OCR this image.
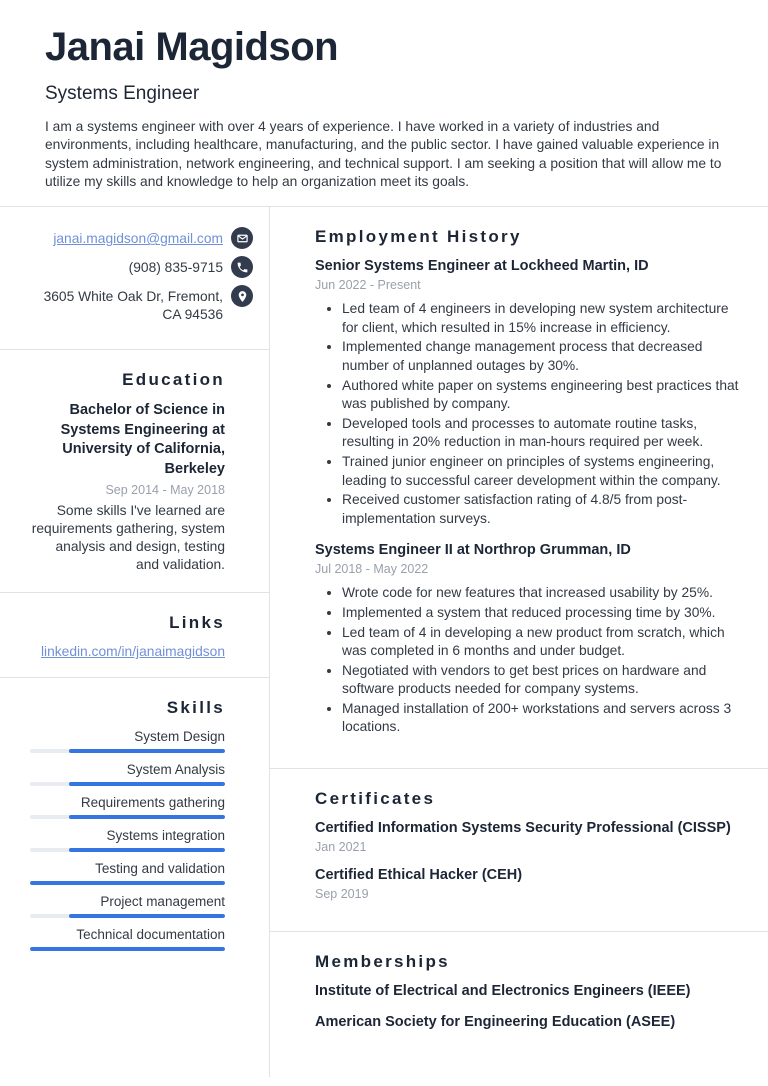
Janai Magidson
Systems Engineer
I am a systems engineer with over 4 years of experience. I have worked in a variety of industries and environments, including healthcare, manufacturing, and the public sector. I have gained valuable experience in system administration, network engineering, and technical support. I am seeking a position that will allow me to utilize my skills and knowledge to help an organization meet its goals.
janai.magidson@gmail.com
(908) 835-9715
3605 White Oak Dr, Fremont, CA 94536
Education
Bachelor of Science in Systems Engineering at University of California, Berkeley
Sep 2014 - May 2018
Some skills I've learned are requirements gathering, system analysis and design, testing and validation.
Links
linkedin.com/in/janaimagidson
Skills
System Design
System Analysis
Requirements gathering
Systems integration
Testing and validation
Project management
Technical documentation
Employment History
Senior Systems Engineer at Lockheed Martin, ID
Jun 2022 - Present
• Led team of 4 engineers in developing new system architecture for client, which resulted in 15% increase in efficiency.
• Implemented change management process that decreased number of unplanned outages by 30%.
• Authored white paper on systems engineering best practices that was published by company.
• Developed tools and processes to automate routine tasks, resulting in 20% reduction in man-hours required per week.
• Trained junior engineer on principles of systems engineering, leading to successful career development within the company.
• Received customer satisfaction rating of 4.8/5 from post-implementation surveys.
Systems Engineer II at Northrop Grumman, ID
Jul 2018 - May 2022
• Wrote code for new features that increased usability by 25%.
• Implemented a system that reduced processing time by 30%.
• Led team of 4 in developing a new product from scratch, which was completed in 6 months and under budget.
• Negotiated with vendors to get best prices on hardware and software products needed for company systems.
• Managed installation of 200+ workstations and servers across 3 locations.
Certificates
Certified Information Systems Security Professional (CISSP)
Jan 2021
Certified Ethical Hacker (CEH)
Sep 2019
Memberships
Institute of Electrical and Electronics Engineers (IEEE)
American Society for Engineering Education (ASEE)
